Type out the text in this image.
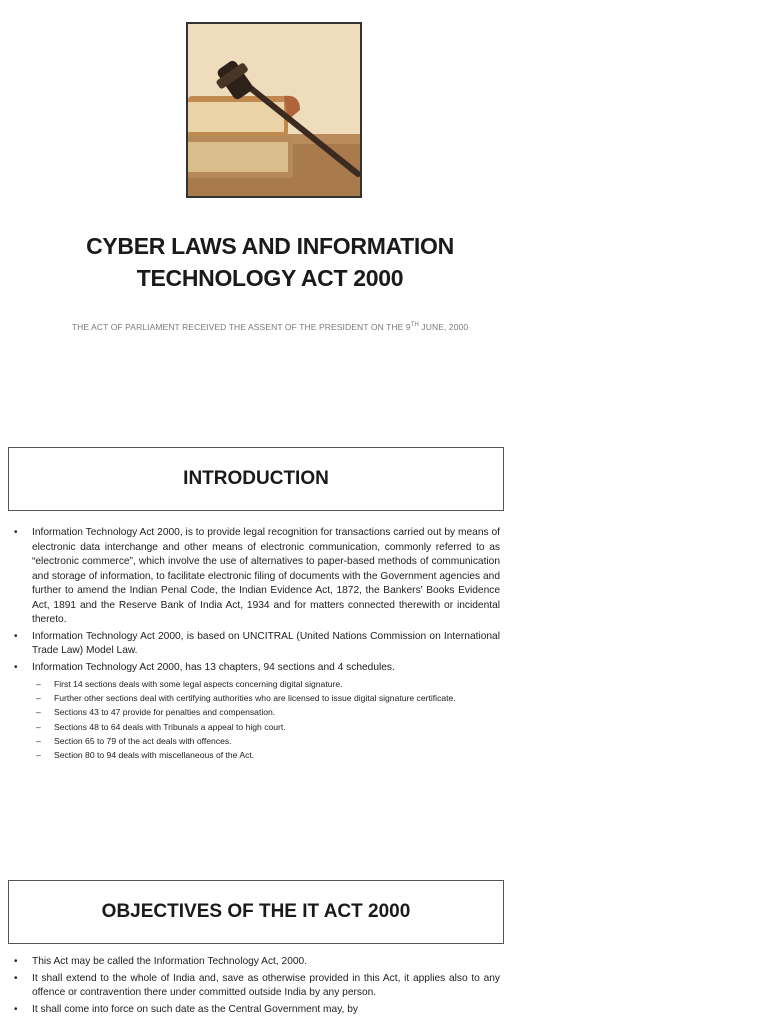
CYBER LAWS AND INFORMATION
TECHNOLOGY ACT 2000
THE ACT OF PARLIAMENT RECEIVED THE ASSENT OF THE PRESIDENT ON THE 9TH JUNE, 2000
INTRODUCTION
• Information Technology Act 2000, is to provide legal recognition for transactions carried out by means of electronic data interchange and other means of electronic communication, commonly referred to as “electronic commerce”, which involve the use of alternatives to paper-based methods of communication and storage of information, to facilitate electronic filing of documents with the Government agencies and further to amend the Indian Penal Code, the Indian Evidence Act, 1872, the Bankers' Books Evidence Act, 1891 and the Reserve Bank of India Act, 1934 and for matters connected therewith or incidental thereto.
• Information Technology Act 2000, is based on UNCITRAL (United Nations Commission on International Trade Law) Model Law.
• Information Technology Act 2000, has 13 chapters, 94 sections and 4 schedules.
– First 14 sections deals with some legal aspects concerning digital signature.
– Further other sections deal with certifying authorities who are licensed to issue digital signature certificate.
– Sections 43 to 47 provide for penalties and compensation.
– Sections 48 to 64 deals with Tribunals a appeal to high court.
– Section 65 to 79 of the act deals with offences.
– Section 80 to 94 deals with miscellaneous of the Act.
OBJECTIVES OF THE IT ACT 2000
• This Act may be called the Information Technology Act, 2000.
• It shall extend to the whole of India and, save as otherwise provided in this Act, it applies also to any offence or contravention there under committed outside India by any person.
• It shall come into force on such date as the Central Government may, by
